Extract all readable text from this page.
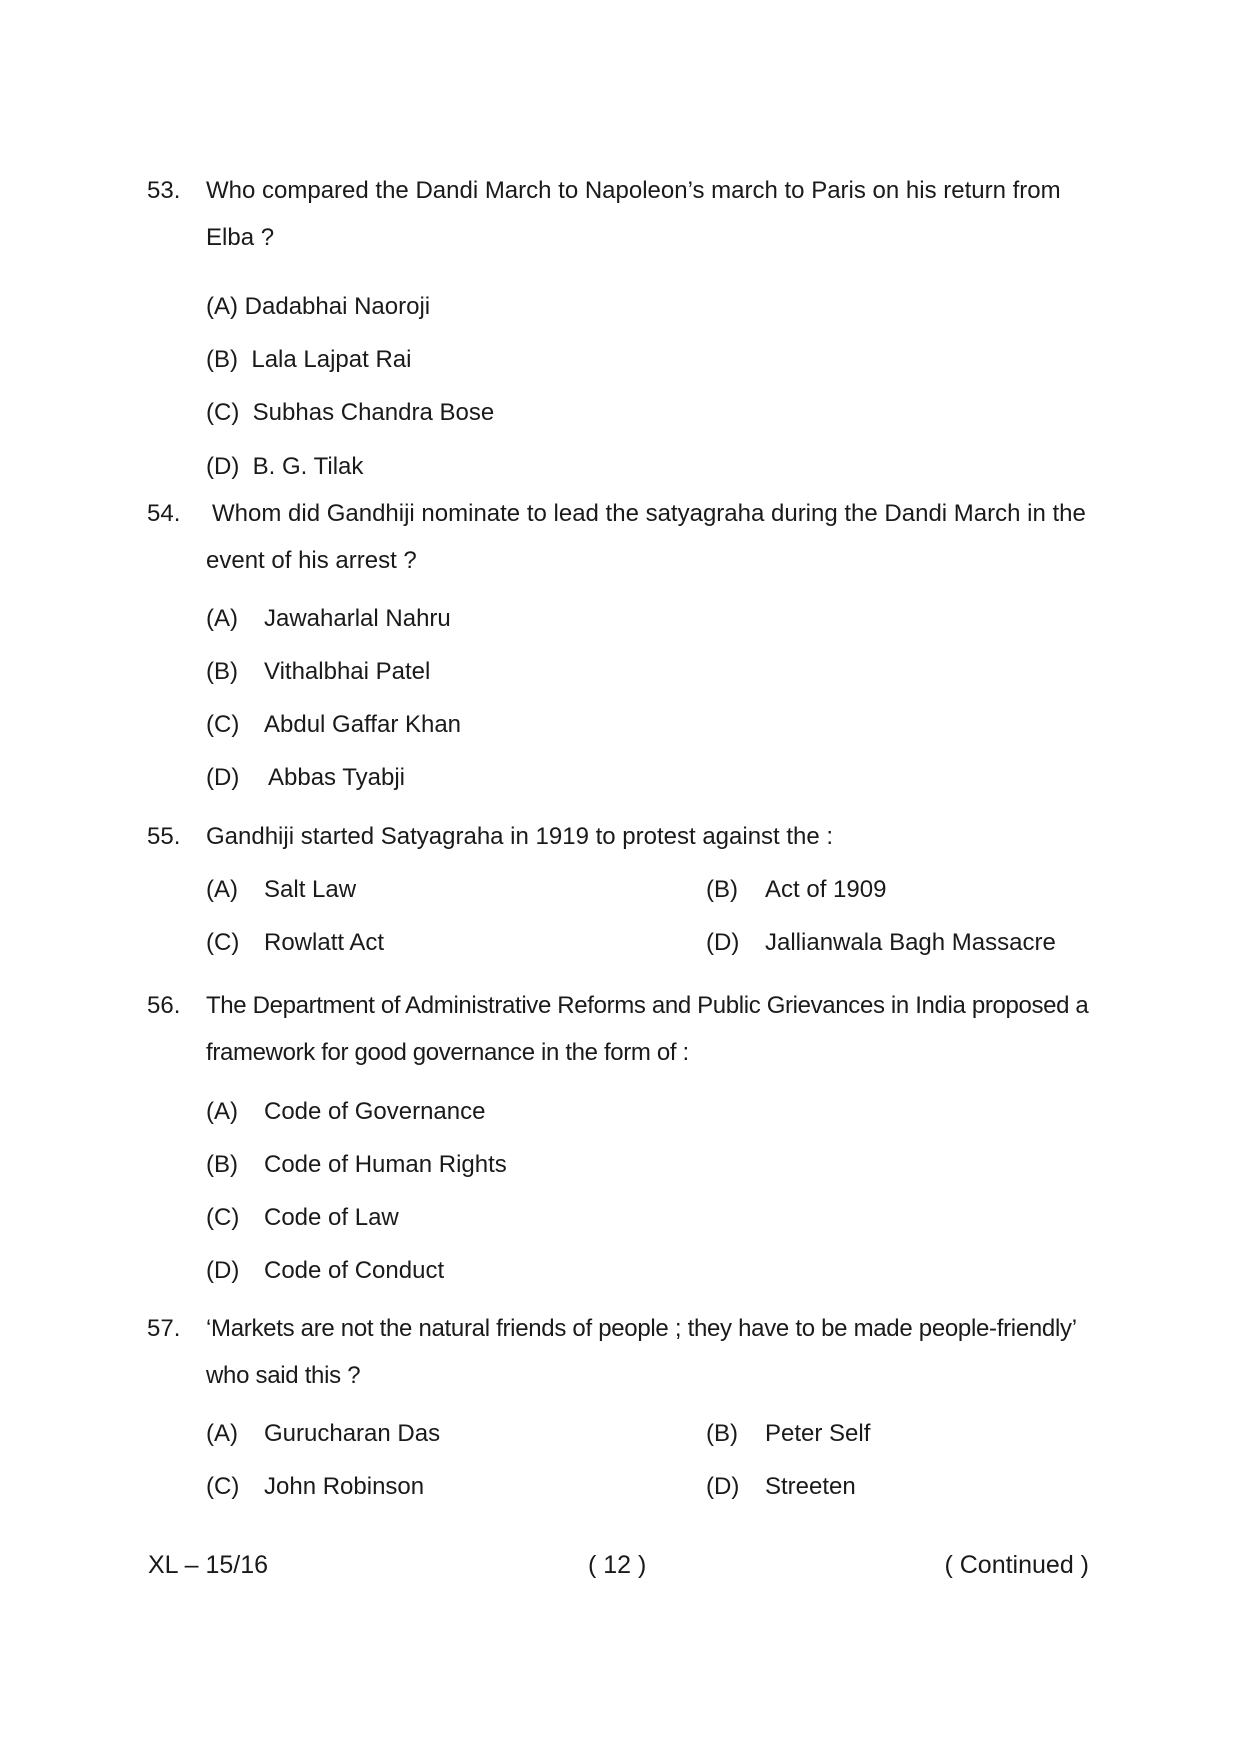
53.	Who compared the Dandi March to Napoleon’s march to Paris on his return from Elba ?
(A) Dadabhai Naoroji
(B) Lala Lajpat Rai
(C) Subhas Chandra Bose
(D) B. G. Tilak
54.	Whom did Gandhiji nominate to lead the satyagraha during the Dandi March in the event of his arrest ?
(A) Jawaharlal Nahru
(B) Vithalbhai Patel
(C) Abdul Gaffar Khan
(D) Abbas Tyabji
55.	Gandhiji started Satyagraha in 1919 to protest against the :
(A) Salt Law	(B) Act of 1909
(C) Rowlatt Act	(D) Jallianwala Bagh Massacre
56.	The Department of Administrative Reforms and Public Grievances in India proposed a framework for good governance in the form of :
(A) Code of Governance
(B) Code of Human Rights
(C) Code of Law
(D) Code of Conduct
57.	‘Markets are not the natural friends of people ; they have to be made people-friendly’ who said this ?
(A) Gurucharan Das	(B) Peter Self
(C) John Robinson	(D) Streeten
XL – 15/16	( 12 )	( Continued )
